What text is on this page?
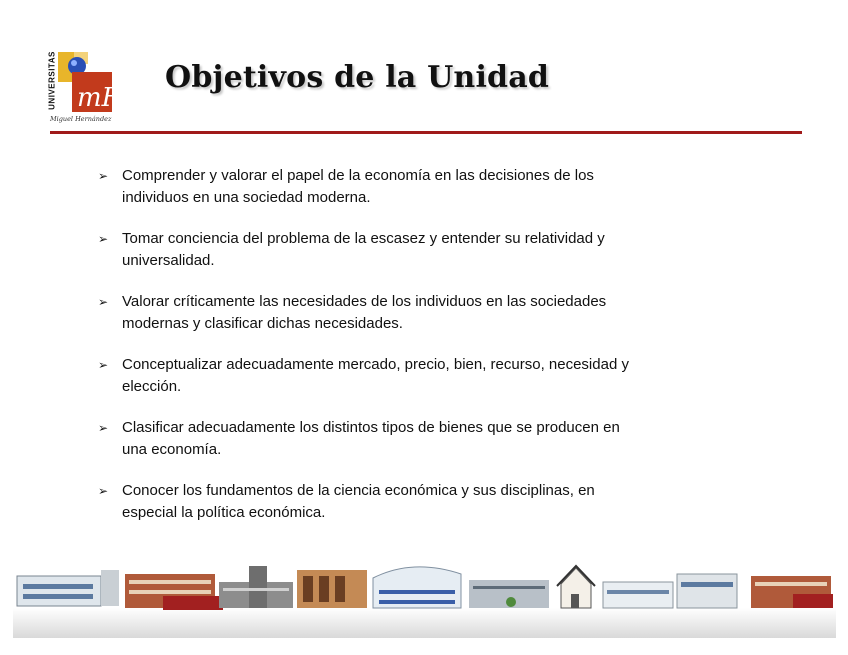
mH
UNIVERSITAS
Miguel Hernández
Objetivos de la Unidad
➢ Comprender y valorar el papel de la economía en las decisiones de los
individuos en una sociedad moderna.
➢ Tomar conciencia del problema de la escasez y entender su relatividad y
universalidad.
➢ Valorar críticamente las necesidades de los individuos en las sociedades
modernas y clasificar dichas necesidades.
➢ Conceptualizar adecuadamente mercado, precio, bien, recurso, necesidad y
elección.
➢ Clasificar adecuadamente los distintos tipos de bienes que se producen en
una economía.
➢ Conocer los fundamentos de la ciencia económica y sus disciplinas, en
especial la política económica.
